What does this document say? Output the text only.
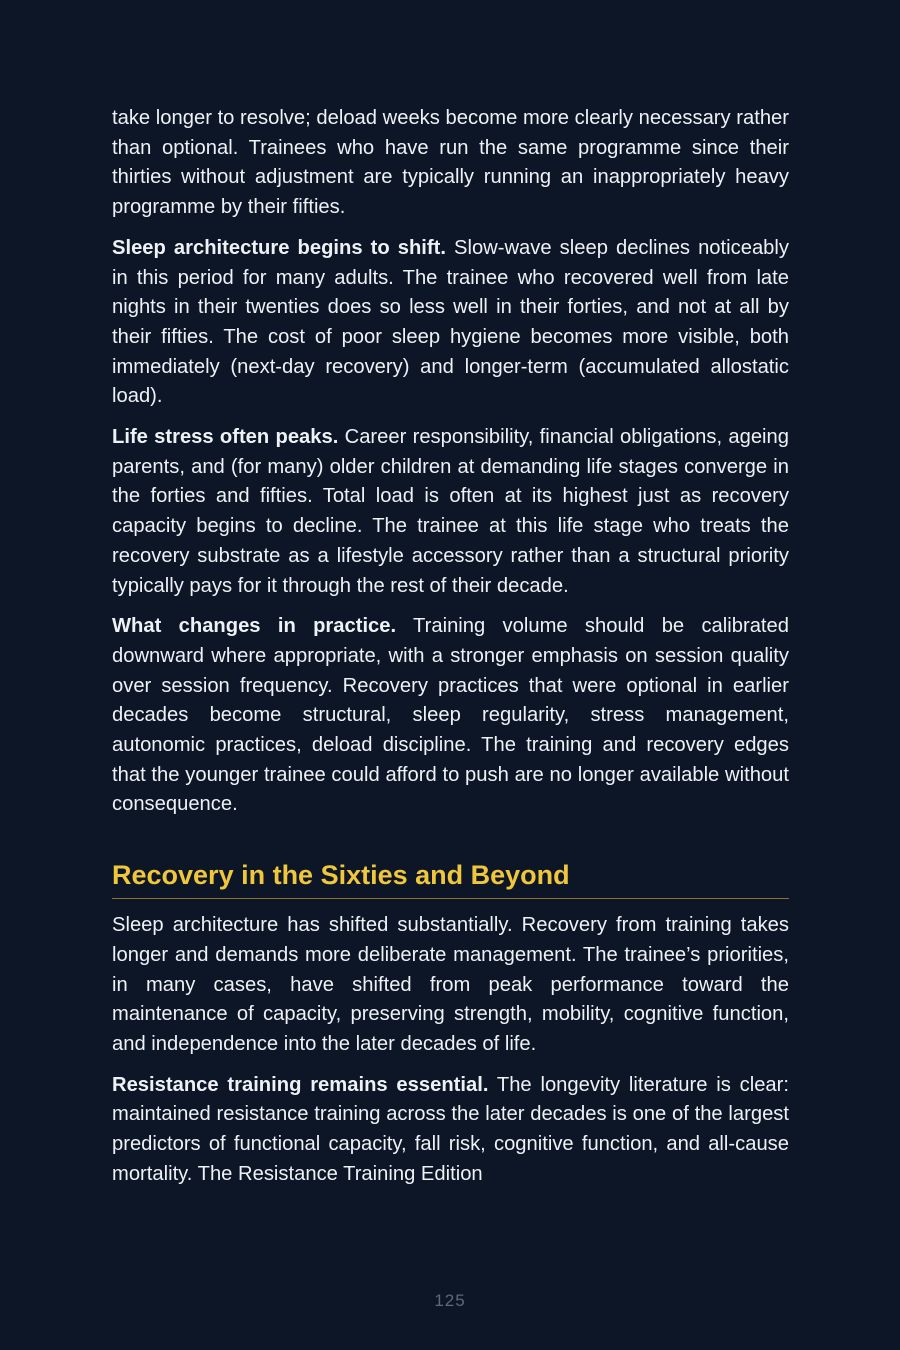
take longer to resolve; deload weeks become more clearly necessary rather than optional. Trainees who have run the same programme since their thirties without adjustment are typically running an inappropriately heavy programme by their fifties.

Sleep architecture begins to shift. Slow-wave sleep declines noticeably in this period for many adults. The trainee who recovered well from late nights in their twenties does so less well in their forties, and not at all by their fifties. The cost of poor sleep hygiene becomes more visible, both immediately (next-day recovery) and longer-term (accumulated allostatic load).

Life stress often peaks. Career responsibility, financial obligations, ageing parents, and (for many) older children at demanding life stages converge in the forties and fifties. Total load is often at its highest just as recovery capacity begins to decline. The trainee at this life stage who treats the recovery substrate as a lifestyle accessory rather than a structural priority typically pays for it through the rest of their decade.

What changes in practice. Training volume should be calibrated downward where appropriate, with a stronger emphasis on session quality over session frequency. Recovery practices that were optional in earlier decades become structural, sleep regularity, stress management, autonomic practices, deload discipline. The training and recovery edges that the younger trainee could afford to push are no longer available without consequence.

Recovery in the Sixties and Beyond

Sleep architecture has shifted substantially. Recovery from training takes longer and demands more deliberate management. The trainee’s priorities, in many cases, have shifted from peak performance toward the maintenance of capacity, preserving strength, mobility, cognitive function, and independence into the later decades of life.

Resistance training remains essential. The longevity literature is clear: maintained resistance training across the later decades is one of the largest predictors of functional capacity, fall risk, cognitive function, and all-cause mortality. The Resistance Training Edition

125
